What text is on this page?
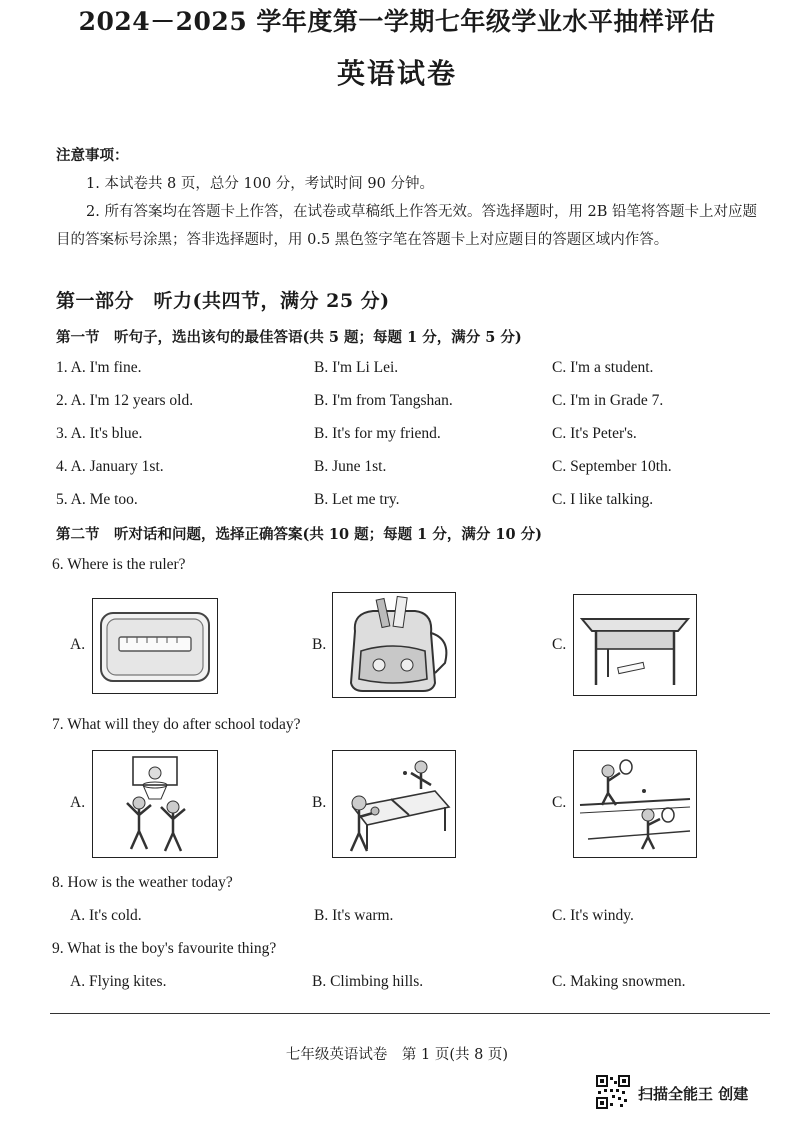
2024－2025 学年度第一学期七年级学业水平抽样评估
英语试卷
注意事项：
1. 本试卷共 8 页，总分 100 分，考试时间 90 分钟。
2. 所有答案均在答题卡上作答，在试卷或草稿纸上作答无效。答选择题时，用 2B 铅笔将答题卡上对应题目的答案标号涂黑；答非选择题时，用 0.5 黑色签字笔在答题卡上对应题目的答题区域内作答。
第一部分　听力(共四节，满分 25 分)
第一节　听句子，选出该句的最佳答语(共 5 题；每题 1 分，满分 5 分)
1. A. I'm fine.	B. I'm Li Lei.	C. I'm a student.
2. A. I'm 12 years old.	B. I'm from Tangshan.	C. I'm in Grade 7.
3. A. It's blue.	B. It's for my friend.	C. It's Peter's.
4. A. January 1st.	B. June 1st.	C. September 10th.
5. A. Me too.	B. Let me try.	C. I like talking.
第二节　听对话和问题，选择正确答案(共 10 题；每题 1 分，满分 10 分)
6. Where is the ruler?
A.	B.	C.
7. What will they do after school today?
A.	B.	C.
8. How is the weather today?
A. It's cold.	B. It's warm.	C. It's windy.
9. What is the boy's favourite thing?
A. Flying kites.	B. Climbing hills.	C. Making snowmen.
七年级英语试卷　第 1 页(共 8 页)
扫描全能王 创建
